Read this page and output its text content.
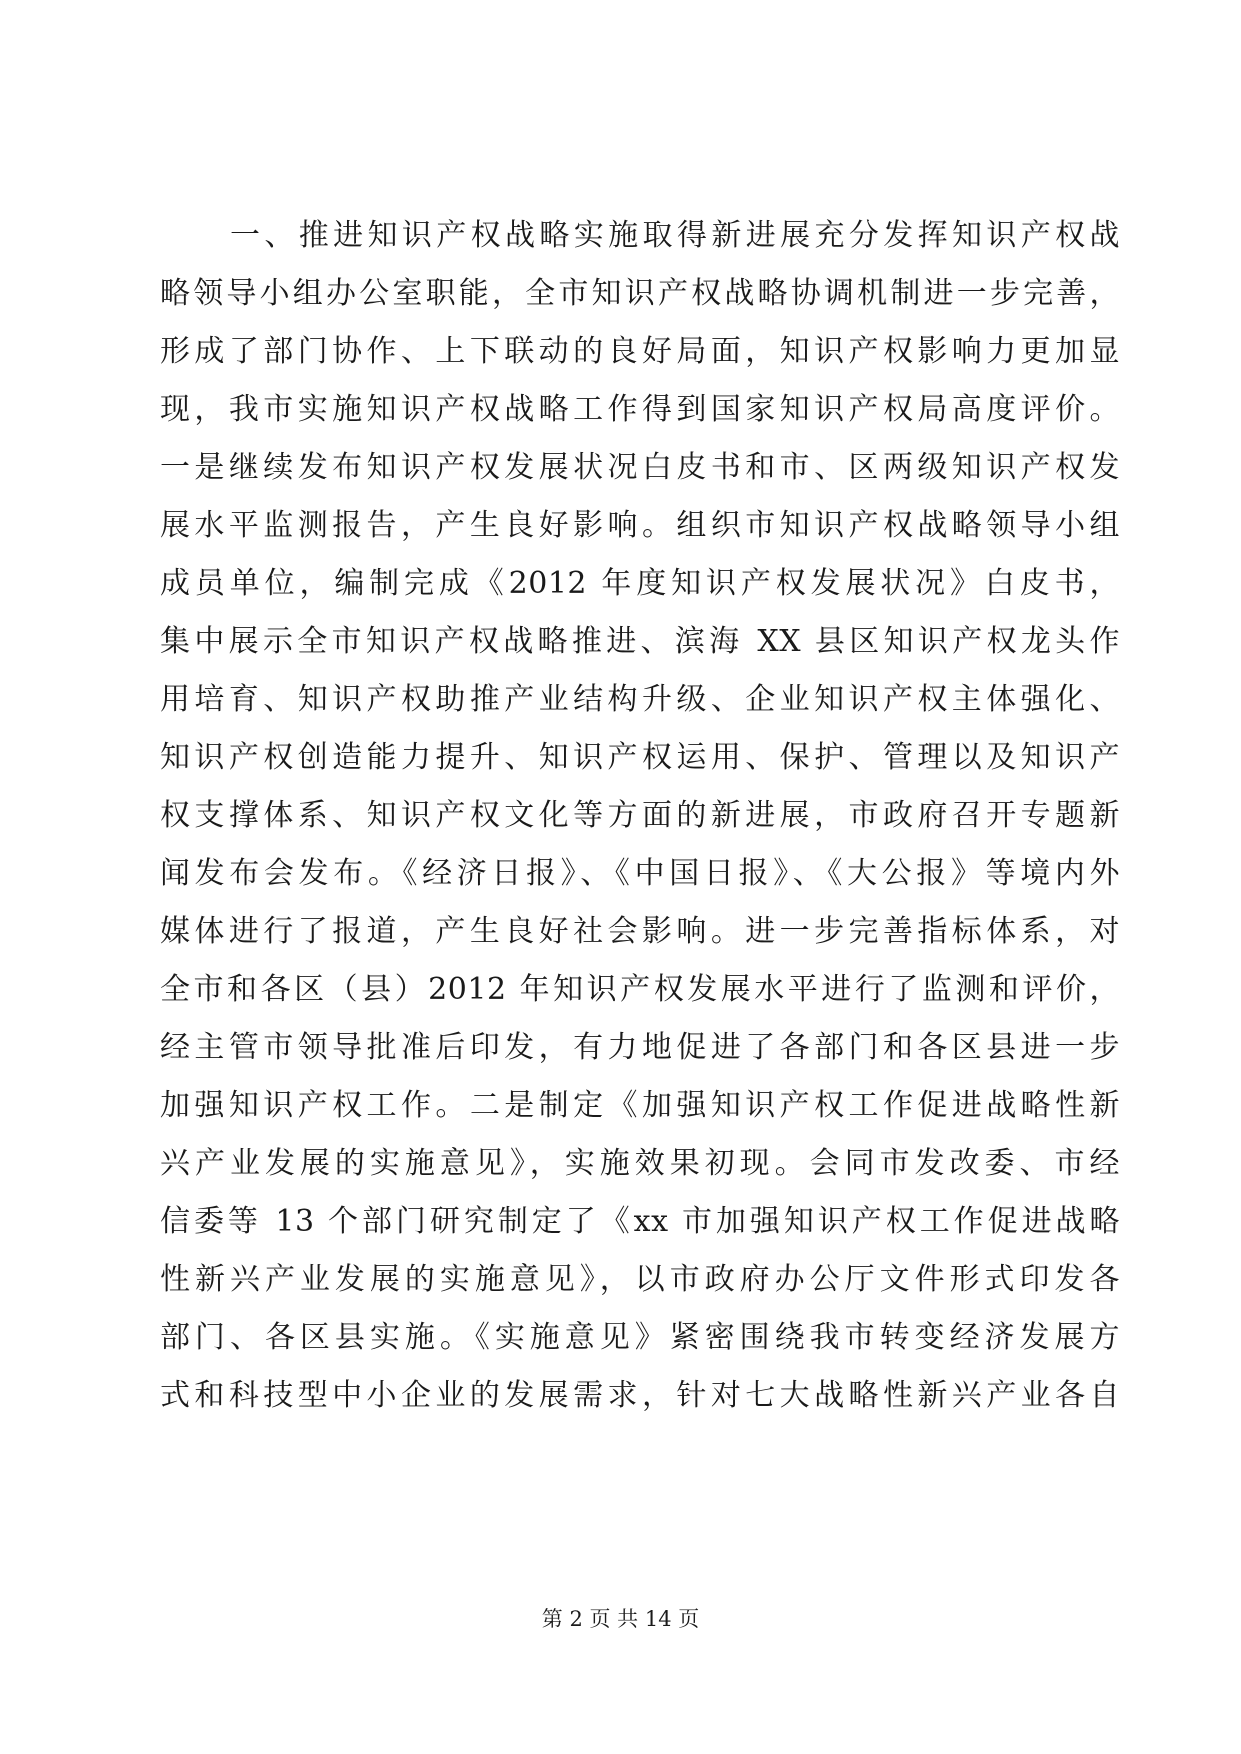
一、推进知识产权战略实施取得新进展充分发挥知识产权战
略领导小组办公室职能，全市知识产权战略协调机制进一步完善，
形成了部门协作、上下联动的良好局面，知识产权影响力更加显
现，我市实施知识产权战略工作得到国家知识产权局高度评价。
一是继续发布知识产权发展状况白皮书和市、区两级知识产权发
展水平监测报告，产生良好影响。组织市知识产权战略领导小组
成员单位，编制完成《2012 年度知识产权发展状况》白皮书，
集中展示全市知识产权战略推进、滨海 XX 县区知识产权龙头作
用培育、知识产权助推产业结构升级、企业知识产权主体强化、
知识产权创造能力提升、知识产权运用、保护、管理以及知识产
权支撑体系、知识产权文化等方面的新进展，市政府召开专题新
闻发布会发布。《经济日报》、《中国日报》、《大公报》等境内外
媒体进行了报道，产生良好社会影响。进一步完善指标体系，对
全市和各区（县）2012 年知识产权发展水平进行了监测和评价，
经主管市领导批准后印发，有力地促进了各部门和各区县进一步
加强知识产权工作。二是制定《加强知识产权工作促进战略性新
兴产业发展的实施意见》，实施效果初现。会同市发改委、市经
信委等 13 个部门研究制定了《xx 市加强知识产权工作促进战略
性新兴产业发展的实施意见》，以市政府办公厅文件形式印发各
部门、各区县实施。《实施意见》紧密围绕我市转变经济发展方
式和科技型中小企业的发展需求，针对七大战略性新兴产业各自
第 2 页 共 14 页
